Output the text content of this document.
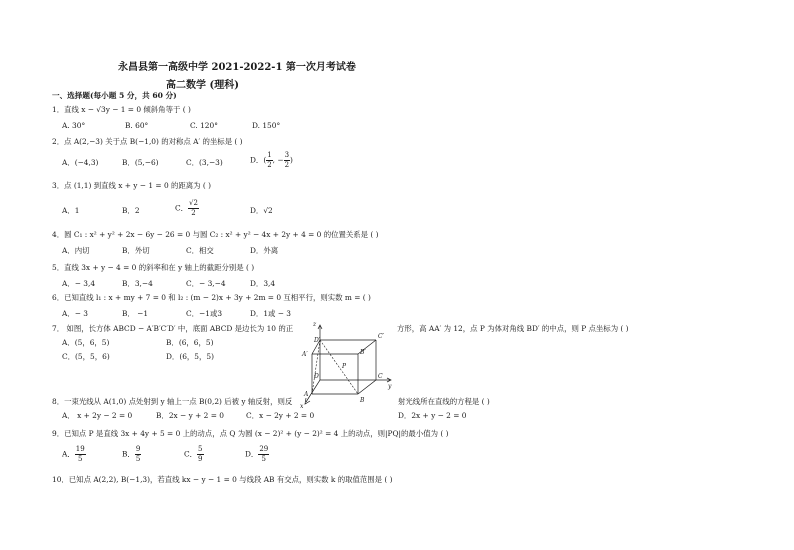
永昌县第一高级中学 2021-2022-1 第一次月考试卷
高二数学 (理科)
一、选择题(每小题 5 分，共 60 分)
1．直线 x − √3y − 1 = 0 倾斜角等于 ( )
A. 30°	B. 60°	C. 120°	D. 150°
2．点 A(2,−3) 关于点 B(−1,0) 的对称点 A′ 的坐标是 ( )
A．(−4,3)	B．(5,−6)	C．(3,−3)	D．( $\frac{1}{2}$ , − $\frac{3}{2}$ )
3．点 (1,1) 到直线 x + y − 1 = 0 的距离为 ( )
A．1	B．2	C． $\frac{√2}{2}$	D．√2
4．圆 C₁ : x² + y² + 2x − 6y − 26 = 0 与圆 C₂ : x² + y² − 4x + 2y + 4 = 0 的位置关系是 ( )
A．内切	B．外切	C．相交	D．外离
5．直线 3x + y − 4 = 0 的斜率和在 y 轴上的截距分别是 ( )
A．− 3,4	B．3,−4	C．− 3,−4	D．3,4
6．已知直线 l₁ : x + my + 7 = 0 和 l₂ : (m − 2)x + 3y + 2m = 0 互相平行，则实数 m = ( )
A．− 3	B． −1	C．−1或3	D．1或 − 3
7． 如图，长方体 ABCD − A′B′C′D′ 中，底面 ABCD 是边长为 10 的正	方形，高 AA′ 为 12，点 P 为体对角线 BD′ 的中点，则 P 点坐标为 ( )
A．(5，6，5)	B．(6，6，5)
C．(5，5，6)	D．(6，5，5)
z
y
x
D′
C′
A′	B′
P
D	C
A
B
8．一束光线从 A(1,0) 点处射到 y 轴上一点 B(0,2) 后被 y 轴反射，则反	射光线所在直线的方程是 ( )
A． x + 2y − 2 = 0	B．2x − y + 2 = 0	C．x − 2y + 2 = 0	D．2x + y − 2 = 0
9．已知点 P 是直线 3x + 4y + 5 = 0 上的动点，点 Q 为圆 (x − 2)² + (y − 2)² = 4 上的动点，则|PQ|的最小值为 ( )
A． $\frac{19}{5}$	B． $\frac{9}{5}$	C． $\frac{5}{9}$	D． $\frac{29}{5}$
10．已知点 A(2,2), B(−1,3)，若直线 kx − y − 1 = 0 与线段 AB 有交点，则实数 k 的取值范围是 ( )
